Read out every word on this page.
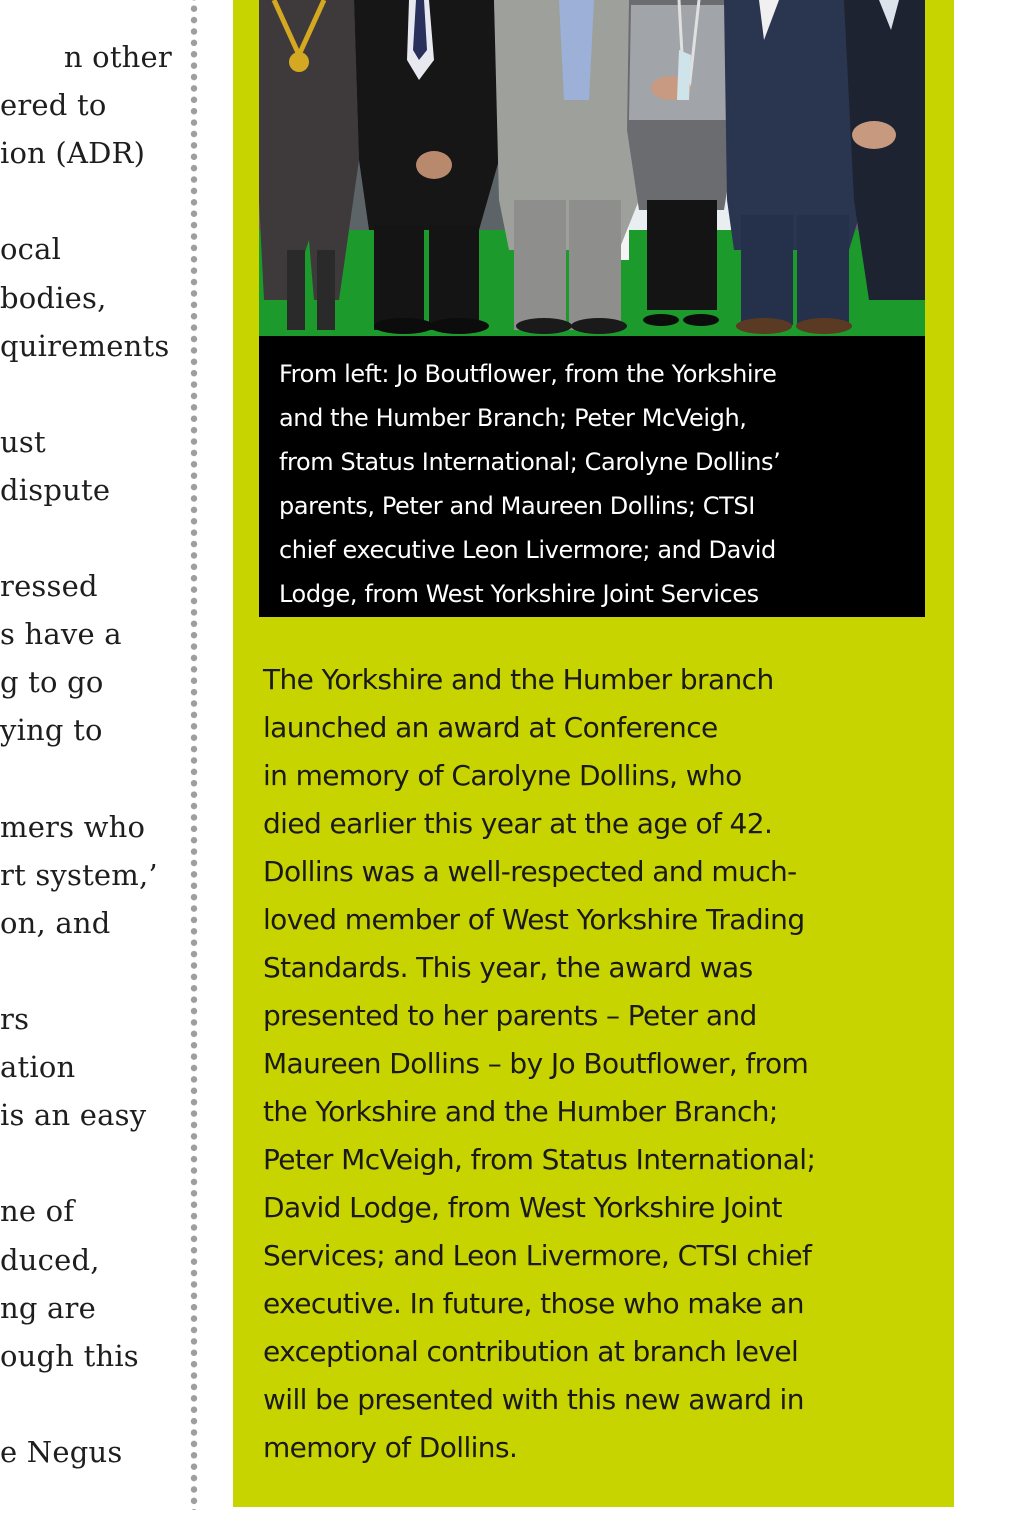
n other
ered to
ion (ADR)
ocal
bodies,
quirements
ust
dispute
ressed
s have a
g to go
ying to
mers who
rt system,’
on, and
rs
ation
is an easy
ne of
duced,
ng are
ough this
e Negus

From left: Jo Boutflower, from the Yorkshire
and the Humber Branch; Peter McVeigh,
from Status International; Carolyne Dollins’
parents, Peter and Maureen Dollins; CTSI
chief executive Leon Livermore; and David
Lodge, from West Yorkshire Joint Services

The Yorkshire and the Humber branch
launched an award at Conference
in memory of Carolyne Dollins, who
died earlier this year at the age of 42.
Dollins was a well-respected and much-
loved member of West Yorkshire Trading
Standards. This year, the award was
presented to her parents – Peter and
Maureen Dollins – by Jo Boutflower, from
the Yorkshire and the Humber Branch;
Peter McVeigh, from Status International;
David Lodge, from West Yorkshire Joint
Services; and Leon Livermore, CTSI chief
executive. In future, those who make an
exceptional contribution at branch level
will be presented with this new award in
memory of Dollins.
